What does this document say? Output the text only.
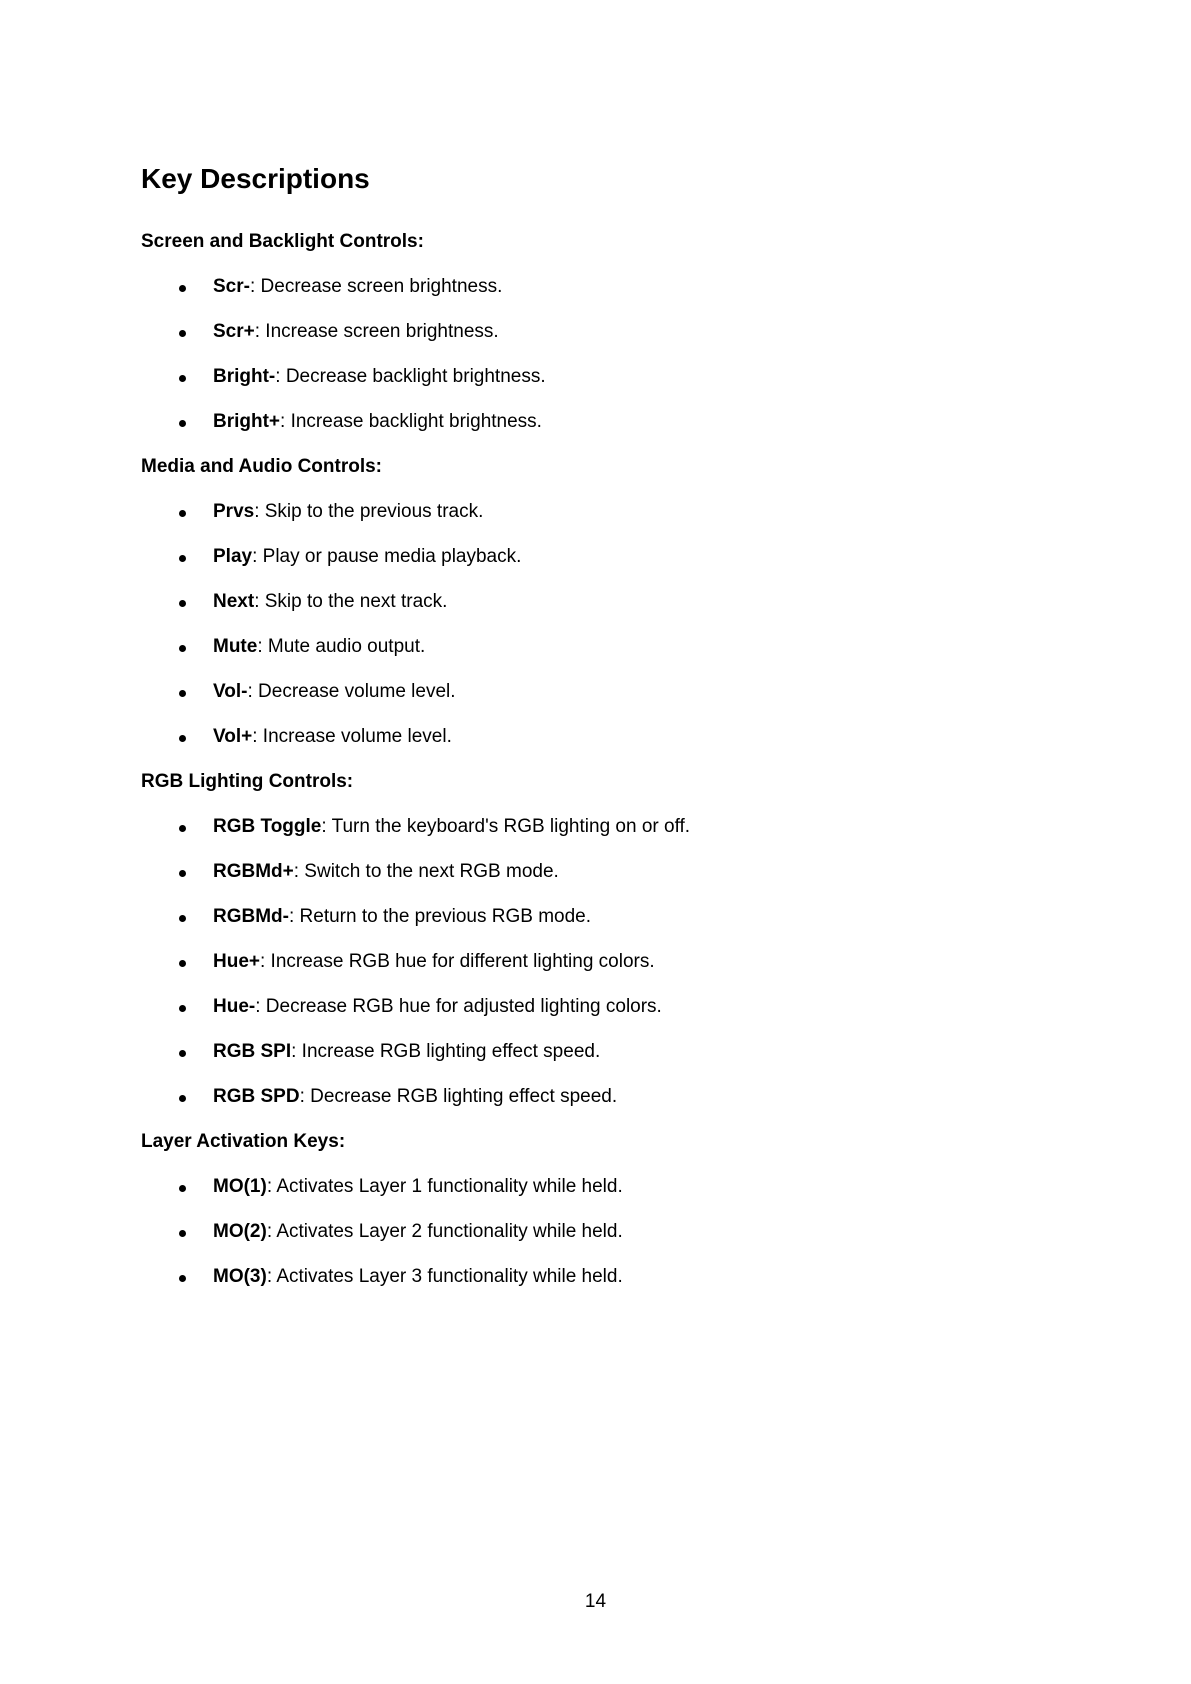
Key Descriptions
Screen and Backlight Controls:
Scr-: Decrease screen brightness.
Scr+: Increase screen brightness.
Bright-: Decrease backlight brightness.
Bright+: Increase backlight brightness.
Media and Audio Controls:
Prvs: Skip to the previous track.
Play: Play or pause media playback.
Next: Skip to the next track.
Mute: Mute audio output.
Vol-: Decrease volume level.
Vol+: Increase volume level.
RGB Lighting Controls:
RGB Toggle: Turn the keyboard's RGB lighting on or off.
RGBMd+: Switch to the next RGB mode.
RGBMd-: Return to the previous RGB mode.
Hue+: Increase RGB hue for different lighting colors.
Hue-: Decrease RGB hue for adjusted lighting colors.
RGB SPI: Increase RGB lighting effect speed.
RGB SPD: Decrease RGB lighting effect speed.
Layer Activation Keys:
MO(1): Activates Layer 1 functionality while held.
MO(2): Activates Layer 2 functionality while held.
MO(3): Activates Layer 3 functionality while held.
14
